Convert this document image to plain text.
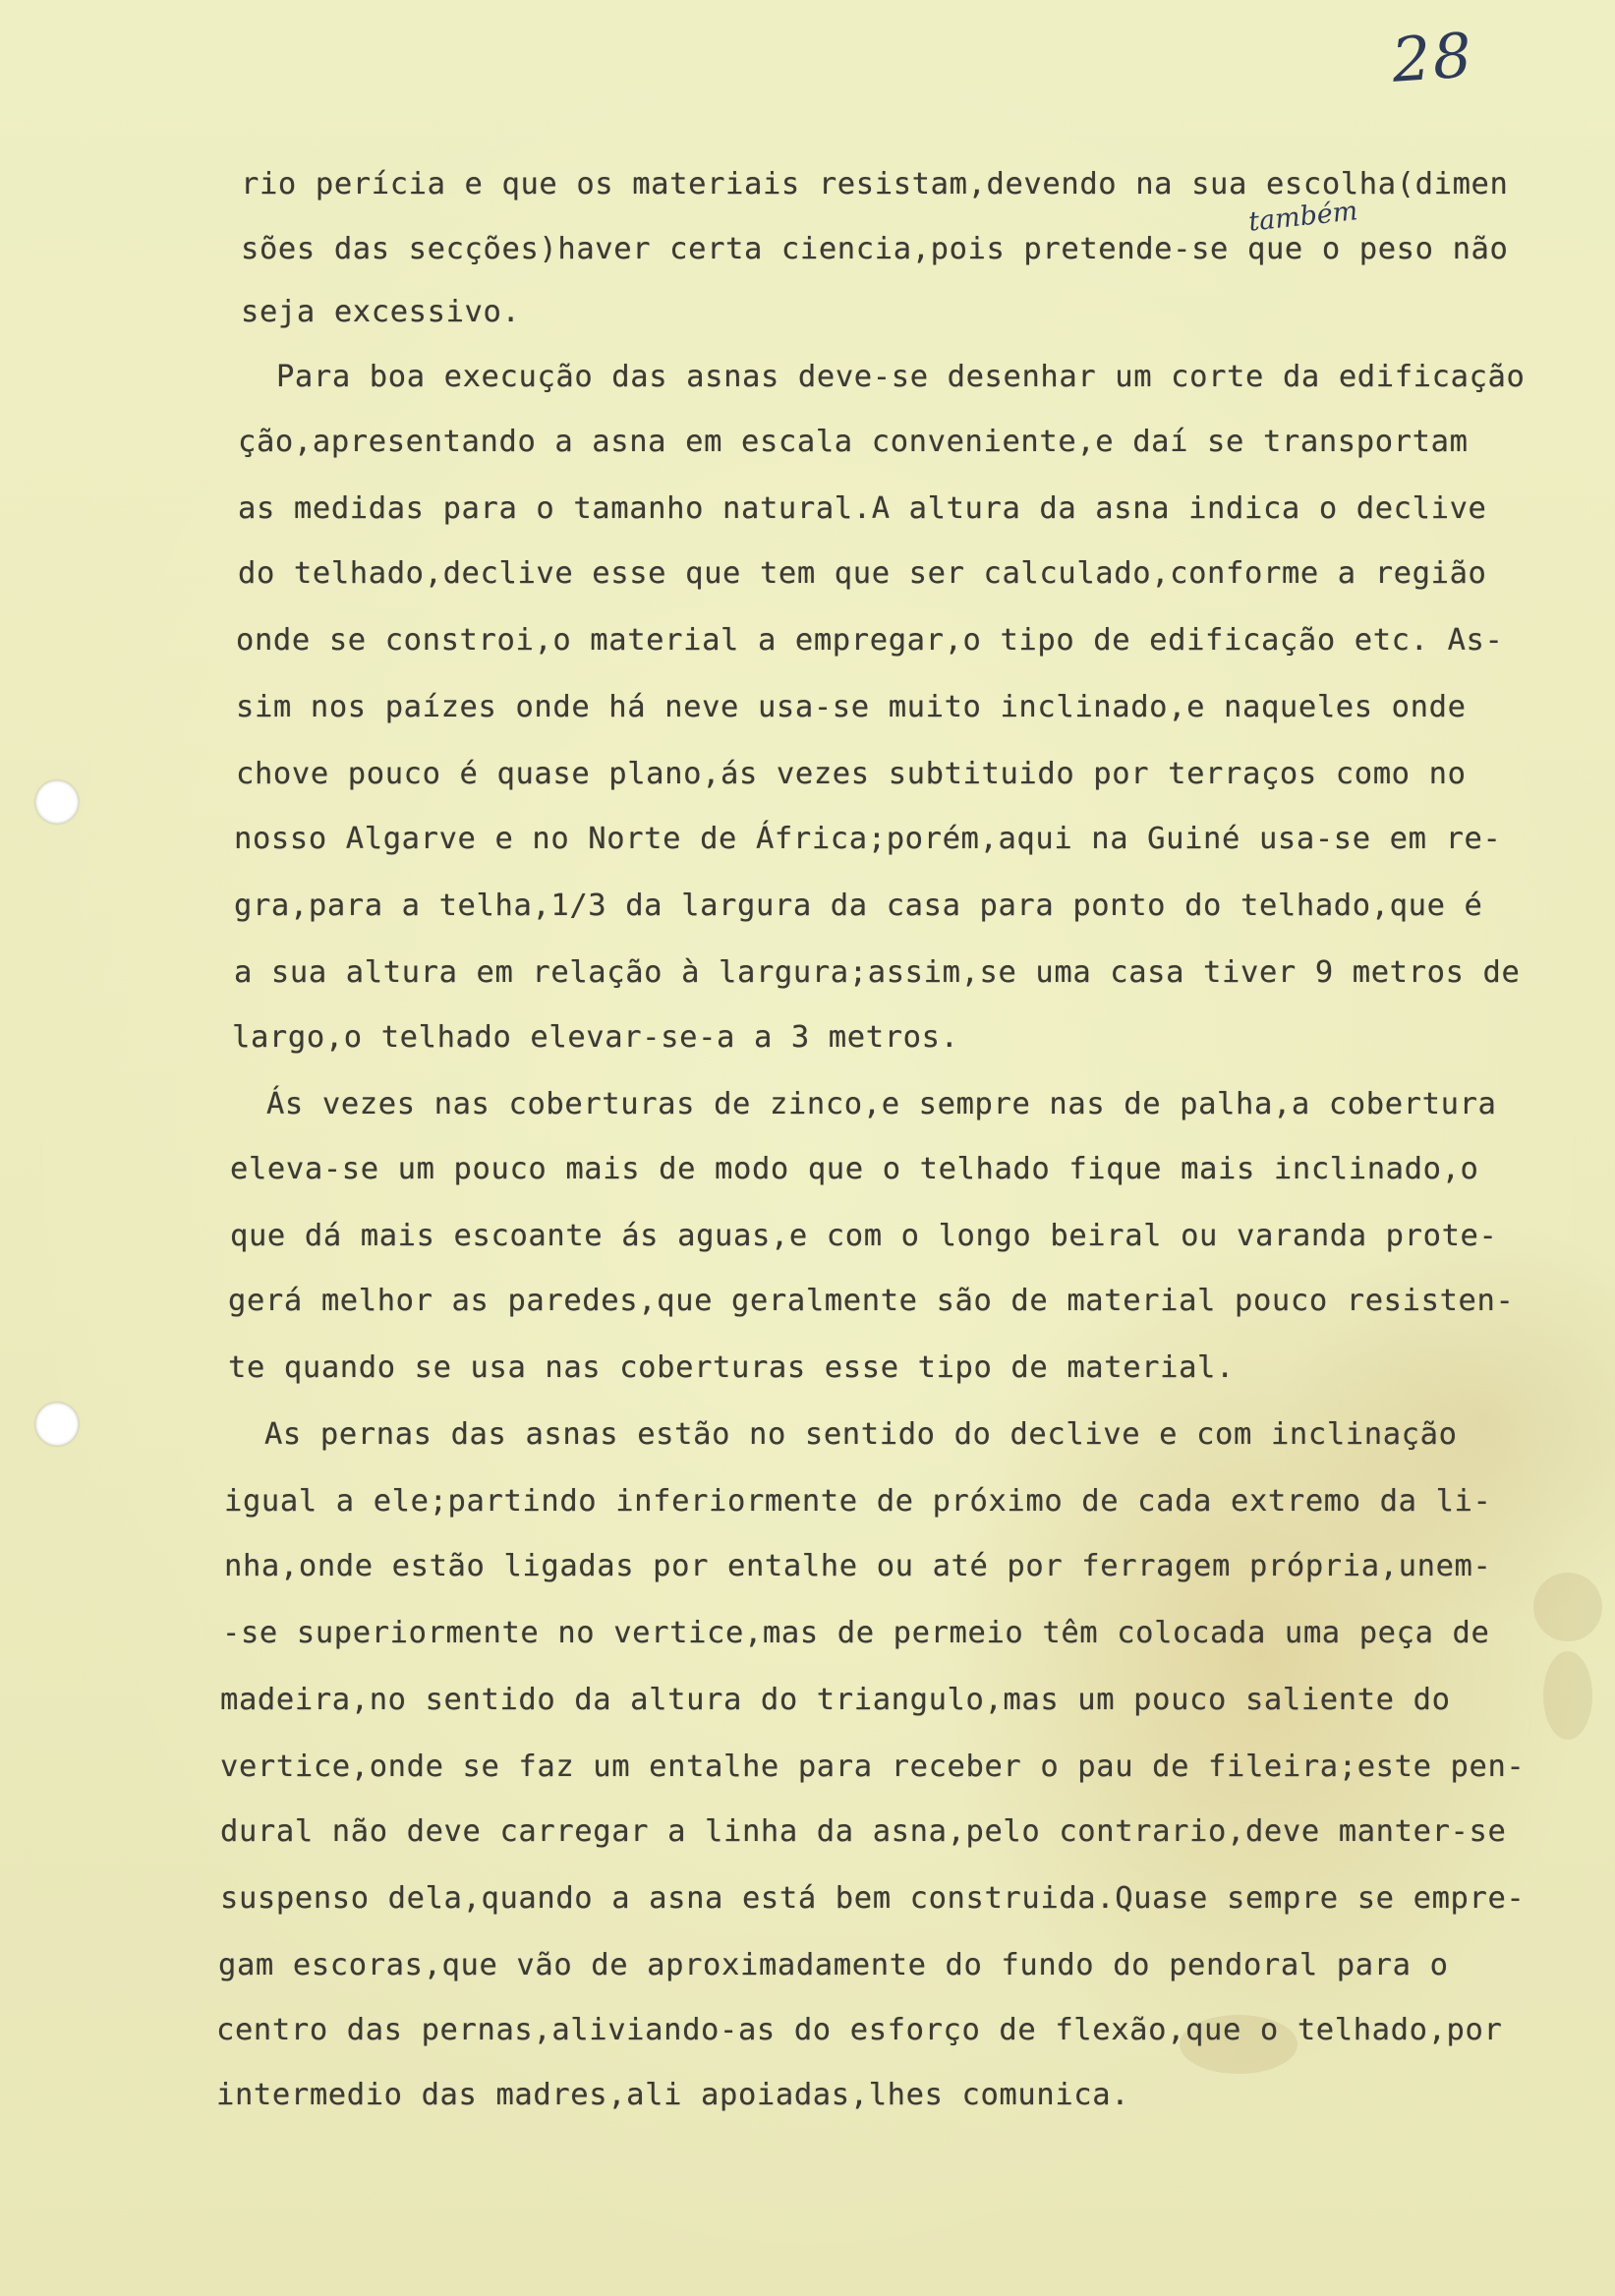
28
também
rio perícia e que os materiais resistam,devendo na sua escolha(dimen
sões das secções)haver certa ciencia,pois pretende-se que o peso não
seja excessivo.
Para boa execução das asnas deve-se desenhar um corte da edificação
ção,apresentando a asna em escala conveniente,e daí se transportam
as medidas para o tamanho natural.A altura da asna indica o declive
do telhado,declive esse que tem que ser calculado,conforme a região
onde se constroi,o material a empregar,o tipo de edificação etc. As-
sim nos paízes onde há neve usa-se muito inclinado,e naqueles onde
chove pouco é quase plano,ás vezes subtituido por terraços como no
nosso Algarve e no Norte de África;porém,aqui na Guiné usa-se em re-
gra,para a telha,1/3 da largura da casa para ponto do telhado,que é
a sua altura em relação à largura;assim,se uma casa tiver 9 metros de
largo,o telhado elevar-se-a a 3 metros.
Ás vezes nas coberturas de zinco,e sempre nas de palha,a cobertura
eleva-se um pouco mais de modo que o telhado fique mais inclinado,o
que dá mais escoante ás aguas,e com o longo beiral ou varanda prote-
gerá melhor as paredes,que geralmente são de material pouco resisten-
te quando se usa nas coberturas esse tipo de material.
As pernas das asnas estão no sentido do declive e com inclinação
igual a ele;partindo inferiormente de próximo de cada extremo da li-
nha,onde estão ligadas por entalhe ou até por ferragem própria,unem-
-se superiormente no vertice,mas de permeio têm colocada uma peça de
madeira,no sentido da altura do triangulo,mas um pouco saliente do
vertice,onde se faz um entalhe para receber o pau de fileira;este pen-
dural não deve carregar a linha da asna,pelo contrario,deve manter-se
suspenso dela,quando a asna está bem construida.Quase sempre se empre-
gam escoras,que vão de aproximadamente do fundo do pendoral para o
centro das pernas,aliviando-as do esforço de flexão,que o telhado,por
intermedio das madres,ali apoiadas,lhes comunica.
